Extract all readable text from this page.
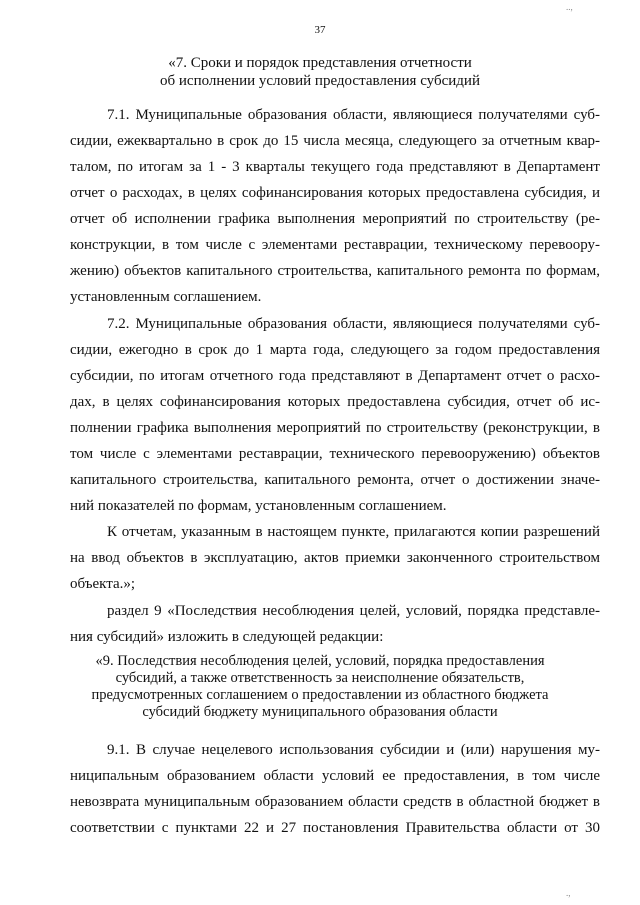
37
..,
«7. Сроки и порядок представления отчетности
об исполнении условий предоставления субсидий
7.1. Муниципальные образования области, являющиеся получателями суб-
сидии, ежеквартально в срок до 15 числа месяца, следующего за отчетным квар-
талом, по итогам за 1 - 3 кварталы текущего года представляют в Департамент
отчет о расходах, в целях софинансирования которых предоставлена субсидия, и
отчет об исполнении графика выполнения мероприятий по строительству (ре-
конструкции, в том числе с элементами реставрации, техническому перевоору-
жению) объектов капитального строительства, капитального ремонта по формам,
установленным соглашением.
7.2. Муниципальные образования области, являющиеся получателями суб-
сидии, ежегодно в срок до 1 марта года, следующего за годом предоставления
субсидии, по итогам отчетного года представляют в Департамент отчет о расхо-
дах, в целях софинансирования которых предоставлена субсидия, отчет об ис-
полнении графика выполнения мероприятий по строительству (реконструкции, в
том числе с элементами реставрации, технического перевооружению) объектов
капитального строительства, капитального ремонта, отчет о достижении значе-
ний показателей по формам, установленным соглашением.
К отчетам, указанным в настоящем пункте, прилагаются копии разрешений
на ввод объектов в эксплуатацию, актов приемки законченного строительством
объекта.»;
раздел 9 «Последствия несоблюдения целей, условий, порядка представле-
ния субсидий» изложить в следующей редакции:
«9. Последствия несоблюдения целей, условий, порядка предоставления
субсидий, а также ответственность за неисполнение обязательств,
предусмотренных соглашением о предоставлении из областного бюджета
субсидий бюджету муниципального образования области
9.1. В случае нецелевого использования субсидии и (или) нарушения му-
ниципальным образованием области условий ее предоставления, в том числе
невозврата муниципальным образованием области средств в областной бюджет в
соответствии с пунктами 22 и 27 постановления Правительства области от 30
.,
